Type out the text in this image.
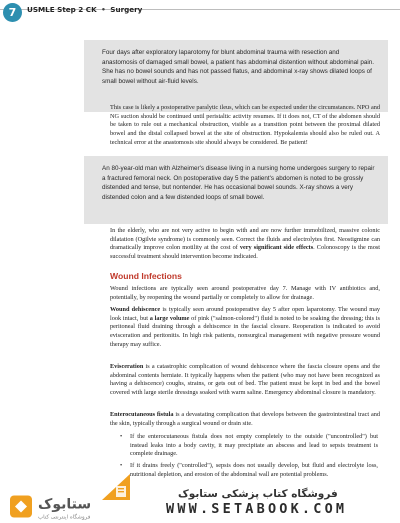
7	USMLE Step 2 CK • Surgery

Four days after exploratory laparotomy for blunt abdominal trauma with resection and anastomosis of damaged small bowel, a patient has abdominal distention without abdominal pain. She has no bowel sounds and has not passed flatus, and abdominal x-ray shows dilated loops of small bowel without air-fluid levels.

This case is likely a postoperative paralytic ileus, which can be expected under the circumstances. NPO and NG suction should be continued until peristaltic activity resumes. If it does not, CT of the abdomen should be taken to rule out a mechanical obstruction, visible as a transition point between the proximal dilated bowel and the distal collapsed bowel at the site of obstruction. Hypokalemia should also be ruled out. A technical error at the anastomosis site should always be considered. Be patient!

An 80-year-old man with Alzheimer's disease living in a nursing home undergoes surgery to repair a fractured femoral neck. On postoperative day 5 the patient's abdomen is noted to be grossly distended and tense, but nontender. He has occasional bowel sounds. X-ray shows a very distended colon and a few distended loops of small bowel.

In the elderly, who are not very active to begin with and are now further immobilized, massive colonic dilatation (Ogilvie syndrome) is commonly seen. Correct the fluids and electrolytes first. Neostigmine can dramatically improve colon motility at the cost of very significant side effects. Colonoscopy is the most successful treatment should intervention become indicated.

Wound Infections

Wound infections are typically seen around postoperative day 7. Manage with IV antibiotics and, potentially, by reopening the wound partially or completely to allow for drainage.

Wound dehiscence is typically seen around postoperative day 5 after open laparotomy. The wound may look intact, but a large volume of pink ("salmon-colored") fluid is noted to be soaking the dressing; this is peritoneal fluid draining through a dehiscence in the fascial closure. Reoperation is indicated to avoid evisceration and peritonitis. In high risk patients, nonsurgical management with negative pressure wound therapy may suffice.

Evisceration is a catastrophic complication of wound dehiscence where the fascia closure opens and the abdominal contents herniate. It typically happens when the patient (who may not have been recognized as having a dehiscence) coughs, strains, or gets out of bed. The patient must be kept in bed and the bowel covered with large sterile dressings soaked with warm saline. Emergency abdominal closure is mandatory.

Enterocutaneous fistula is a devastating complication that develops between the gastrointestinal tract and the skin, typically through a surgical wound or drain site.

• If the enterocutaneous fistula does not empty completely to the outside ("uncontrolled") but instead leaks into a body cavity, it may precipitate an abscess and lead to sepsis treatment is complete drainage.
• If it drains freely ("controlled"), sepsis does not usually develop, but fluid and electrolyte loss, nutritional depletion, and erosion of the abdominal wall are potential problems.
ستابوک
فروشگاه اینترنتی کتاب
فروشگاه کتاب پزشکی ستابوک
WWW.SETABOOK.COM
